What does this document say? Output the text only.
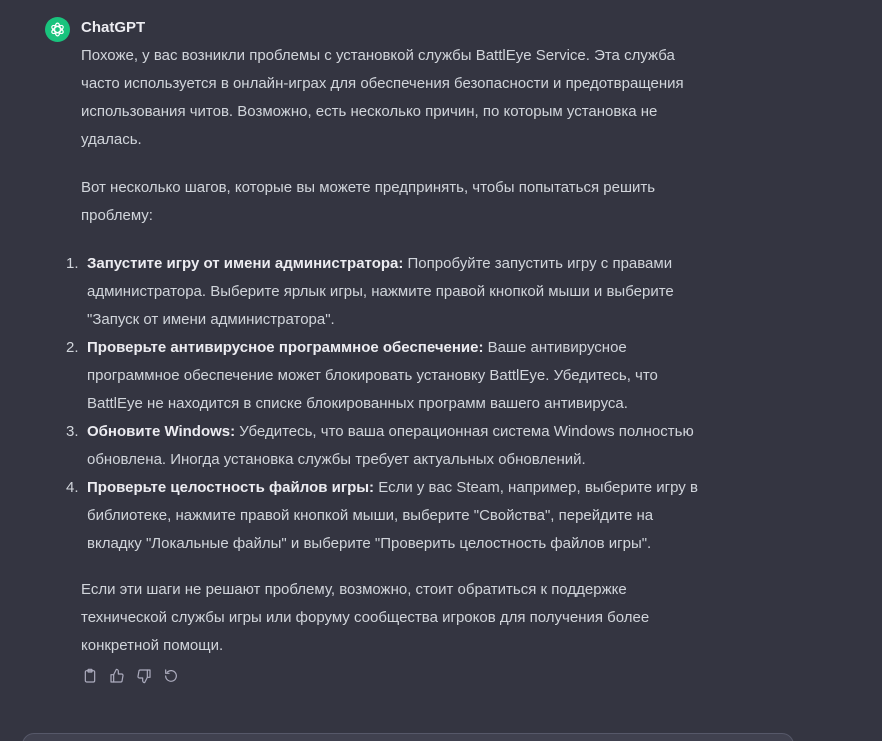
ChatGPT

Похоже, у вас возникли проблемы с установкой службы BattlEye Service. Эта служба часто используется в онлайн-играх для обеспечения безопасности и предотвращения использования читов. Возможно, есть несколько причин, по которым установка не удалась.

Вот несколько шагов, которые вы можете предпринять, чтобы попытаться решить проблему:

1. Запустите игру от имени администратора: Попробуйте запустить игру с правами администратора. Выберите ярлык игры, нажмите правой кнопкой мыши и выберите "Запуск от имени администратора".
2. Проверьте антивирусное программное обеспечение: Ваше антивирусное программное обеспечение может блокировать установку BattlEye. Убедитесь, что BattlEye не находится в списке блокированных программ вашего антивируса.
3. Обновите Windows: Убедитесь, что ваша операционная система Windows полностью обновлена. Иногда установка службы требует актуальных обновлений.
4. Проверьте целостность файлов игры: Если у вас Steam, например, выберите игру в библиотеке, нажмите правой кнопкой мыши, выберите "Свойства", перейдите на вкладку "Локальные файлы" и выберите "Проверить целостность файлов игры".

Если эти шаги не решают проблему, возможно, стоит обратиться к поддержке технической службы игры или форуму сообщества игроков для получения более конкретной помощи.
